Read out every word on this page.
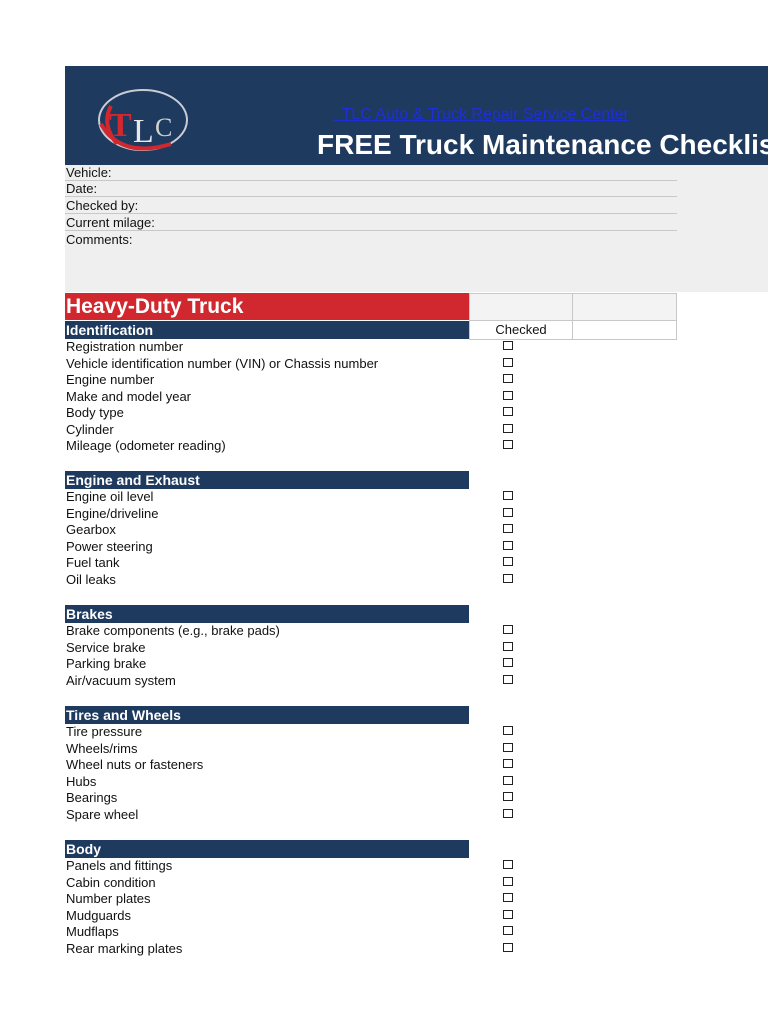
T L C	TLC Auto & Truck Repair Service Center
FREE Truck Maintenance Checklist
Vehicle:
Date:
Checked by:
Current milage:
Comments:
Heavy-Duty Truck
Checked
Identification
Registration number
Vehicle identification number (VIN) or Chassis number
Engine number
Make and model year
Body type
Cylinder
Mileage (odometer reading)
Engine and Exhaust
Engine oil level
Engine/driveline
Gearbox
Power steering
Fuel tank
Oil leaks
Brakes
Brake components (e.g., brake pads)
Service brake
Parking brake
Air/vacuum system
Tires and Wheels
Tire pressure
Wheels/rims
Wheel nuts or fasteners
Hubs
Bearings
Spare wheel
Body
Panels and fittings
Cabin condition
Number plates
Mudguards
Mudflaps
Rear marking plates
